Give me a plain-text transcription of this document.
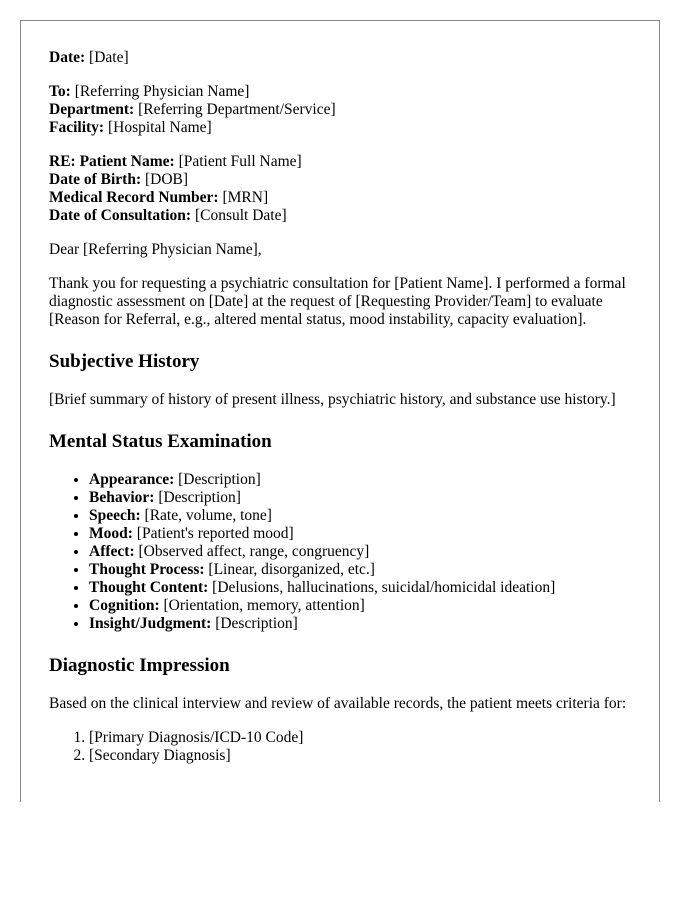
Date: [Date]
To: [Referring Physician Name]
Department: [Referring Department/Service]
Facility: [Hospital Name]
RE: Patient Name: [Patient Full Name]
Date of Birth: [DOB]
Medical Record Number: [MRN]
Date of Consultation: [Consult Date]

Dear [Referring Physician Name],

Thank you for requesting a psychiatric consultation for [Patient Name]. I performed a formal diagnostic assessment on [Date] at the request of [Requesting Provider/Team] to evaluate [Reason for Referral, e.g., altered mental status, mood instability, capacity evaluation].

Subjective History

[Brief summary of history of present illness, psychiatric history, and substance use history.]

Mental Status Examination
• Appearance: [Description]
• Behavior: [Description]
• Speech: [Rate, volume, tone]
• Mood: [Patient's reported mood]
• Affect: [Observed affect, range, congruency]
• Thought Process: [Linear, disorganized, etc.]
• Thought Content: [Delusions, hallucinations, suicidal/homicidal ideation]
• Cognition: [Orientation, memory, attention]
• Insight/Judgment: [Description]
Diagnostic Impression

Based on the clinical interview and review of available records, the patient meets criteria for:

1. [Primary Diagnosis/ICD-10 Code]
2. [Secondary Diagnosis]
